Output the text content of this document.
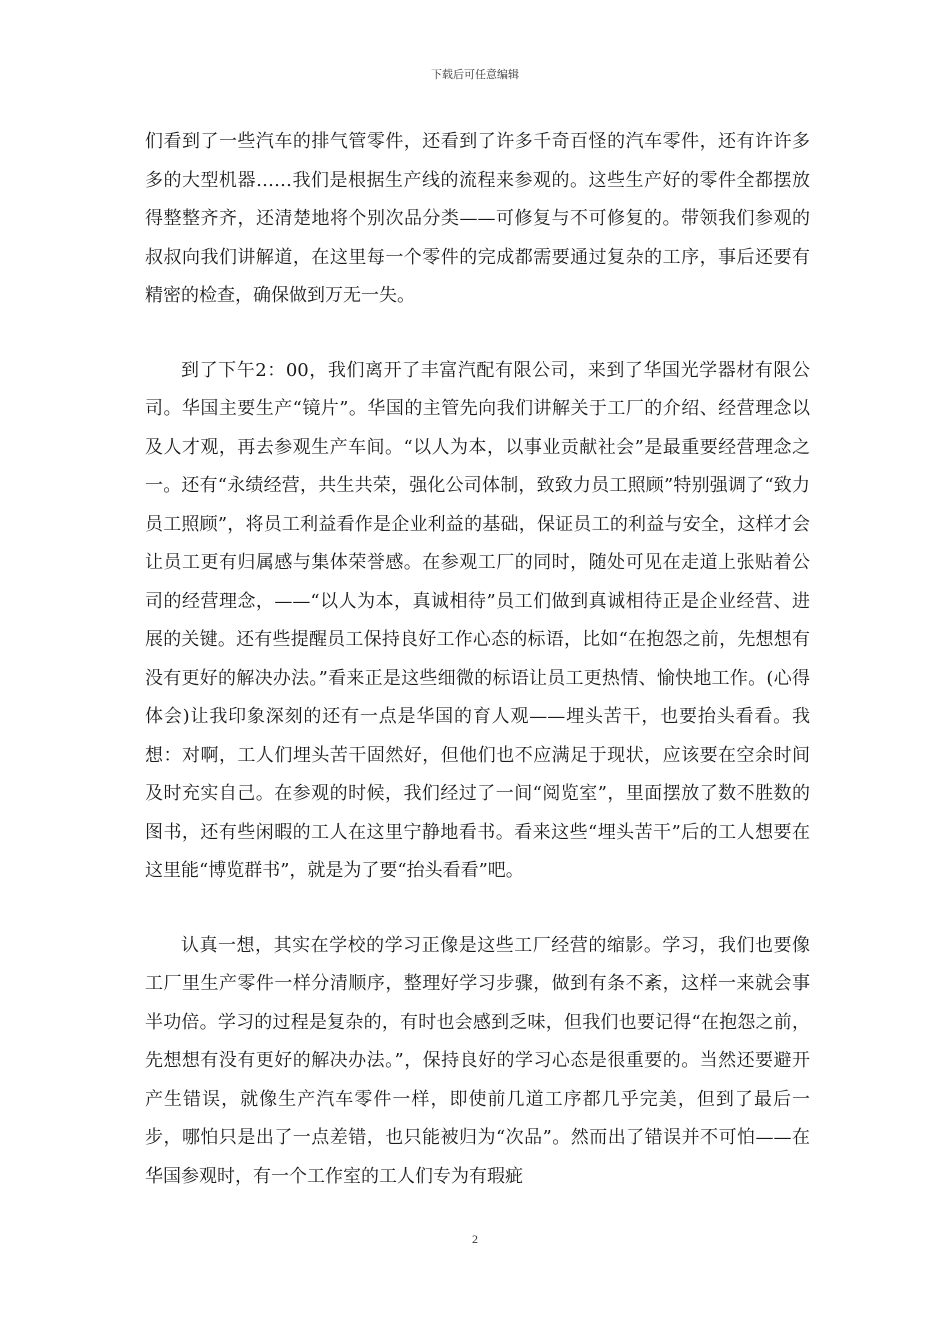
下载后可任意编辑

们看到了一些汽车的排气管零件，还看到了许多千奇百怪的汽车零件，还有许许多多的大型机器……我们是根据生产线的流程来参观的。这些生产好的零件全都摆放得整整齐齐，还清楚地将个别次品分类——可修复与不可修复的。带领我们参观的叔叔向我们讲解道，在这里每一个零件的完成都需要通过复杂的工序，事后还要有精密的检查，确保做到万无一失。

到了下午2：00，我们离开了丰富汽配有限公司，来到了华国光学器材有限公司。华国主要生产“镜片”。华国的主管先向我们讲解关于工厂的介绍、经营理念以及人才观，再去参观生产车间。“以人为本，以事业贡献社会”是最重要经营理念之一。还有“永绩经营，共生共荣，强化公司体制，致致力员工照顾”特别强调了“致力员工照顾”，将员工利益看作是企业利益的基础，保证员工的利益与安全，这样才会让员工更有归属感与集体荣誉感。在参观工厂的同时，随处可见在走道上张贴着公司的经营理念，——“以人为本，真诚相待”员工们做到真诚相待正是企业经营、进展的关键。还有些提醒员工保持良好工作心态的标语，比如“在抱怨之前，先想想有没有更好的解决办法。”看来正是这些细微的标语让员工更热情、愉快地工作。(心得体会)让我印象深刻的还有一点是华国的育人观——埋头苦干，也要抬头看看。我想：对啊，工人们埋头苦干固然好，但他们也不应满足于现状，应该要在空余时间及时充实自己。在参观的时候，我们经过了一间“阅览室”，里面摆放了数不胜数的图书，还有些闲暇的工人在这里宁静地看书。看来这些“埋头苦干”后的工人想要在这里能“博览群书”，就是为了要“抬头看看”吧。

认真一想，其实在学校的学习正像是这些工厂经营的缩影。学习，我们也要像工厂里生产零件一样分清顺序，整理好学习步骤，做到有条不紊，这样一来就会事半功倍。学习的过程是复杂的，有时也会感到乏味，但我们也要记得“在抱怨之前，先想想有没有更好的解决办法。”，保持良好的学习心态是很重要的。当然还要避开产生错误，就像生产汽车零件一样，即使前几道工序都几乎完美，但到了最后一步，哪怕只是出了一点差错，也只能被归为“次品”。然而出了错误并不可怕——在华国参观时，有一个工作室的工人们专为有瑕疵

2
